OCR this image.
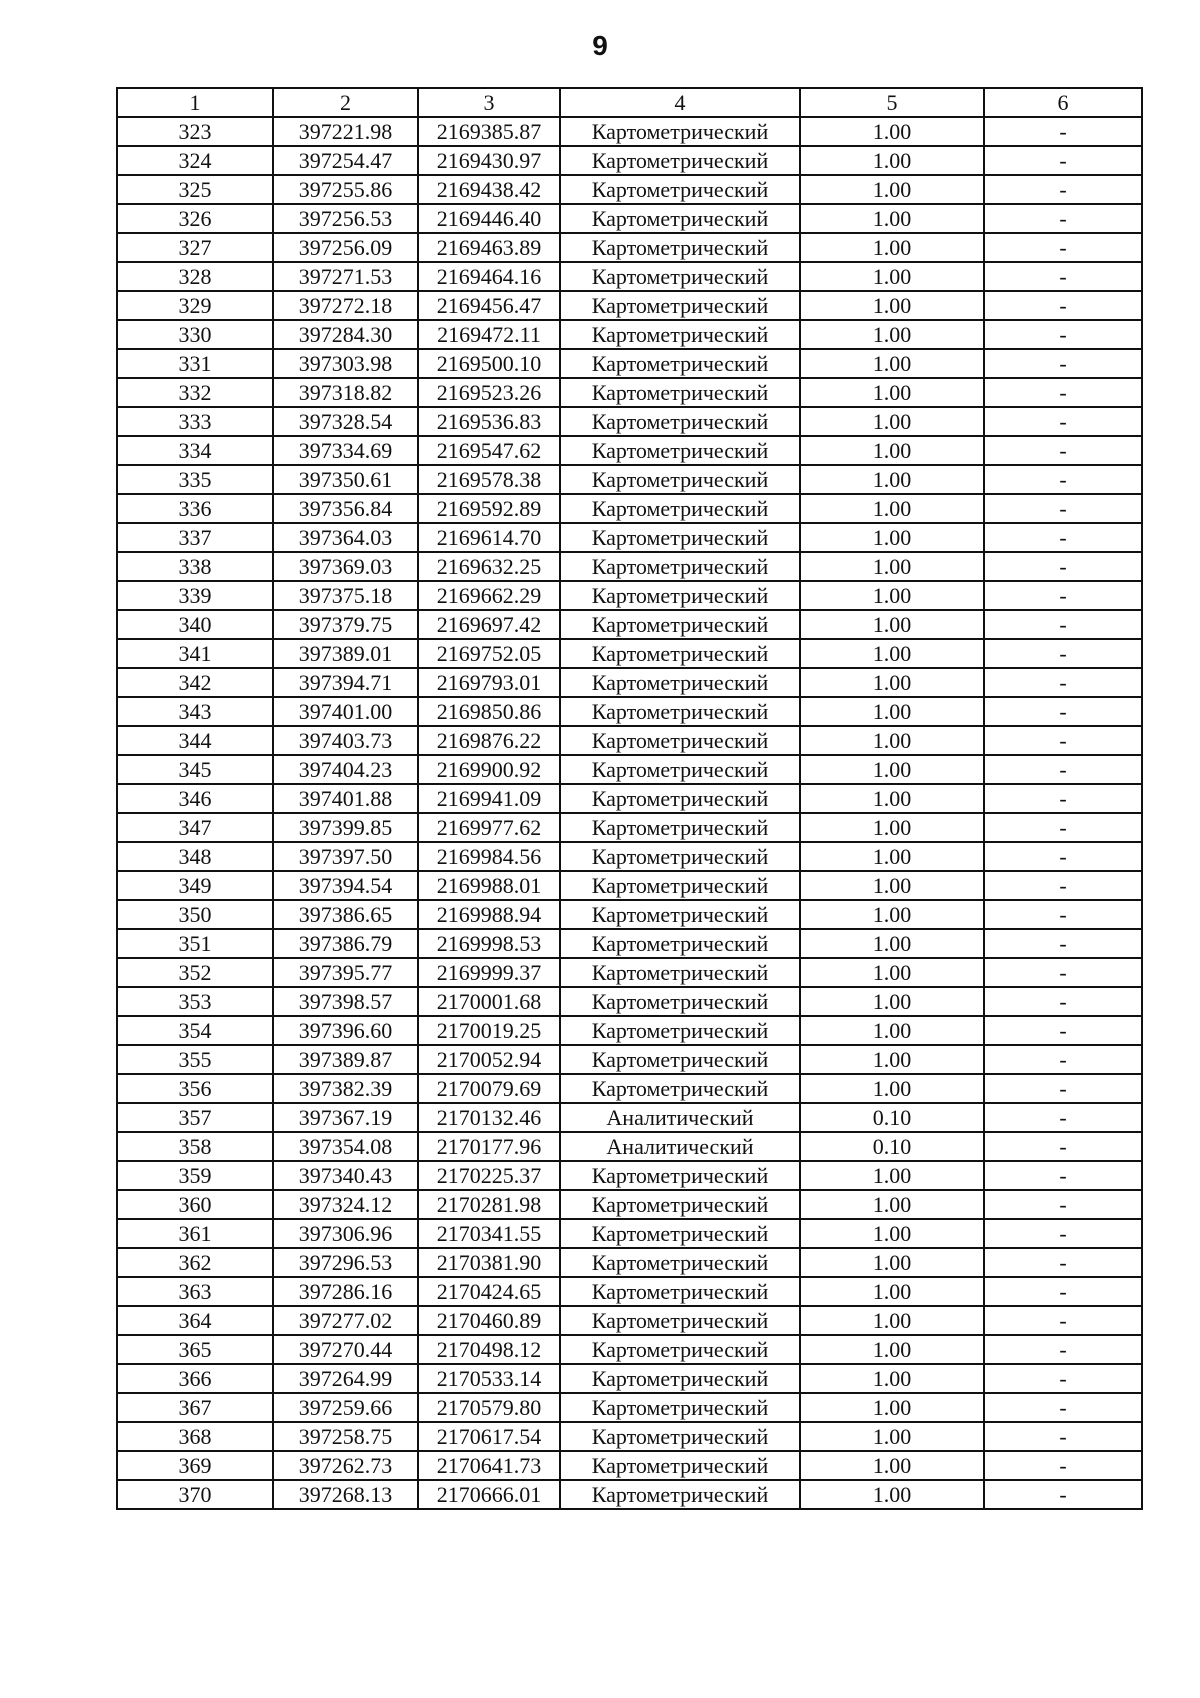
9
1	2	3	4	5	6
323	397221.98	2169385.87	Картометрический	1.00	-
324	397254.47	2169430.97	Картометрический	1.00	-
325	397255.86	2169438.42	Картометрический	1.00	-
326	397256.53	2169446.40	Картометрический	1.00	-
327	397256.09	2169463.89	Картометрический	1.00	-
328	397271.53	2169464.16	Картометрический	1.00	-
329	397272.18	2169456.47	Картометрический	1.00	-
330	397284.30	2169472.11	Картометрический	1.00	-
331	397303.98	2169500.10	Картометрический	1.00	-
332	397318.82	2169523.26	Картометрический	1.00	-
333	397328.54	2169536.83	Картометрический	1.00	-
334	397334.69	2169547.62	Картометрический	1.00	-
335	397350.61	2169578.38	Картометрический	1.00	-
336	397356.84	2169592.89	Картометрический	1.00	-
337	397364.03	2169614.70	Картометрический	1.00	-
338	397369.03	2169632.25	Картометрический	1.00	-
339	397375.18	2169662.29	Картометрический	1.00	-
340	397379.75	2169697.42	Картометрический	1.00	-
341	397389.01	2169752.05	Картометрический	1.00	-
342	397394.71	2169793.01	Картометрический	1.00	-
343	397401.00	2169850.86	Картометрический	1.00	-
344	397403.73	2169876.22	Картометрический	1.00	-
345	397404.23	2169900.92	Картометрический	1.00	-
346	397401.88	2169941.09	Картометрический	1.00	-
347	397399.85	2169977.62	Картометрический	1.00	-
348	397397.50	2169984.56	Картометрический	1.00	-
349	397394.54	2169988.01	Картометрический	1.00	-
350	397386.65	2169988.94	Картометрический	1.00	-
351	397386.79	2169998.53	Картометрический	1.00	-
352	397395.77	2169999.37	Картометрический	1.00	-
353	397398.57	2170001.68	Картометрический	1.00	-
354	397396.60	2170019.25	Картометрический	1.00	-
355	397389.87	2170052.94	Картометрический	1.00	-
356	397382.39	2170079.69	Картометрический	1.00	-
357	397367.19	2170132.46	Аналитический	0.10	-
358	397354.08	2170177.96	Аналитический	0.10	-
359	397340.43	2170225.37	Картометрический	1.00	-
360	397324.12	2170281.98	Картометрический	1.00	-
361	397306.96	2170341.55	Картометрический	1.00	-
362	397296.53	2170381.90	Картометрический	1.00	-
363	397286.16	2170424.65	Картометрический	1.00	-
364	397277.02	2170460.89	Картометрический	1.00	-
365	397270.44	2170498.12	Картометрический	1.00	-
366	397264.99	2170533.14	Картометрический	1.00	-
367	397259.66	2170579.80	Картометрический	1.00	-
368	397258.75	2170617.54	Картометрический	1.00	-
369	397262.73	2170641.73	Картометрический	1.00	-
370	397268.13	2170666.01	Картометрический	1.00	-
